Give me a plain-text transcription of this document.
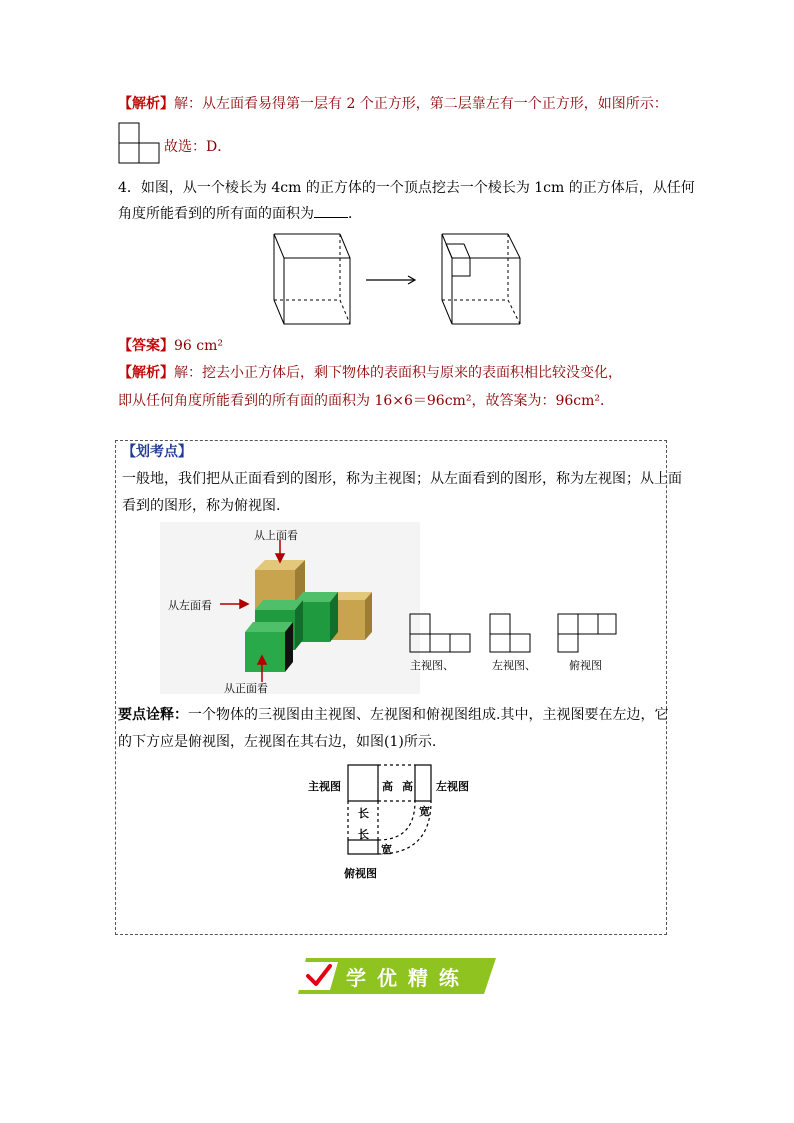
【解析】解：从左面看易得第一层有 2 个正方形，第二层靠左有一个正方形，如图所示：
故选：D．
4．如图，从一个棱长为 4cm 的正方体的一个顶点挖去一个棱长为 1cm 的正方体后，从任何
角度所能看到的所有面的面积为 ．
【答案】96 cm²
【解析】解：挖去小正方体后，剩下物体的表面积与原来的表面积相比较没变化，
即从任何角度所能看到的所有面的面积为 16×6＝96cm²，故答案为：96cm²．
【划考点】
一般地，我们把从正面看到的图形，称为主视图；从左面看到的图形，称为左视图；从上面
看到的图形，称为俯视图.
从上面看
从左面看
从正面看
主视图、	左视图、	俯视图
要点诠释：一个物体的三视图由主视图、左视图和俯视图组成.其中，主视图要在左边，它
的下方应是俯视图，左视图在其右边，如图(1)所示.
主视图	左视图
俯视图
高 高
长
长
宽
宽
学 优 精 练
